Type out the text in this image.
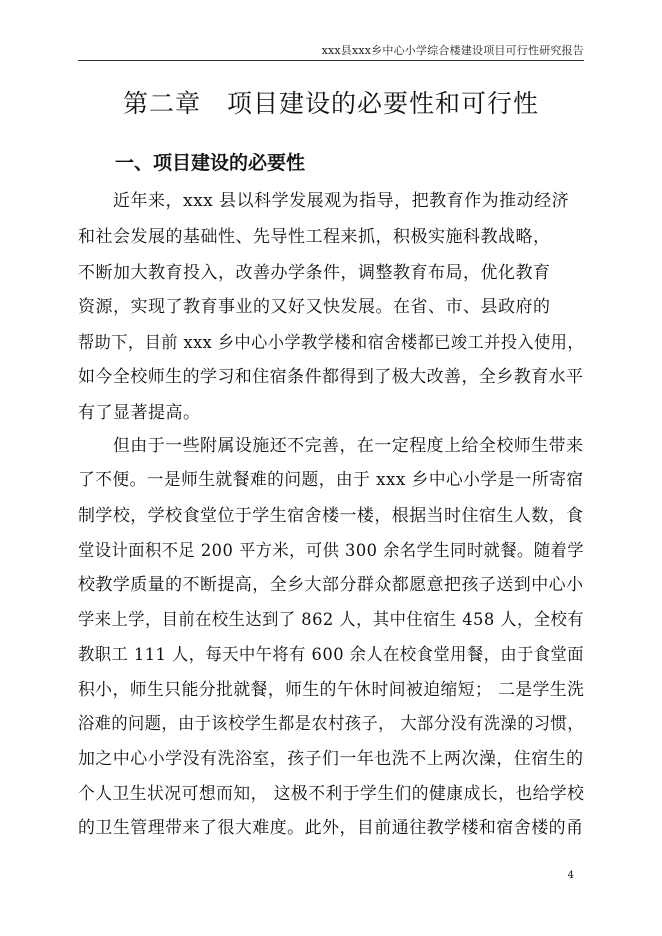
xxx县xxx乡中心小学综合楼建设项目可行性研究报告
第二章　项目建设的必要性和可行性
一、项目建设的必要性
　　近年来，xxx 县以科学发展观为指导，把教育作为推动经济
和社会发展的基础性、先导性工程来抓，积极实施科教战略，
不断加大教育投入，改善办学条件，调整教育布局，优化教育
资源，实现了教育事业的又好又快发展。在省、市、县政府的
帮助下，目前 xxx 乡中心小学教学楼和宿舍楼都已竣工并投入使用，
如今全校师生的学习和住宿条件都得到了极大改善，全乡教育水平
有了显著提高。
　　但由于一些附属设施还不完善，在一定程度上给全校师生带来
了不便。一是师生就餐难的问题，由于 xxx 乡中心小学是一所寄宿
制学校，学校食堂位于学生宿舍楼一楼，根据当时住宿生人数，食
堂设计面积不足 200 平方米，可供 300 余名学生同时就餐。随着学
校教学质量的不断提高，全乡大部分群众都愿意把孩子送到中心小
学来上学，目前在校生达到了 862 人，其中住宿生 458 人，全校有
教职工 111 人，每天中午将有 600 余人在校食堂用餐，由于食堂面
积小，师生只能分批就餐，师生的午休时间被迫缩短； 二是学生洗
浴难的问题，由于该校学生都是农村孩子， 大部分没有洗澡的习惯，
加之中心小学没有洗浴室，孩子们一年也洗不上两次澡，住宿生的
个人卫生状况可想而知， 这极不利于学生们的健康成长，也给学校
的卫生管理带来了很大难度。此外，目前通往教学楼和宿舍楼的甬
4
